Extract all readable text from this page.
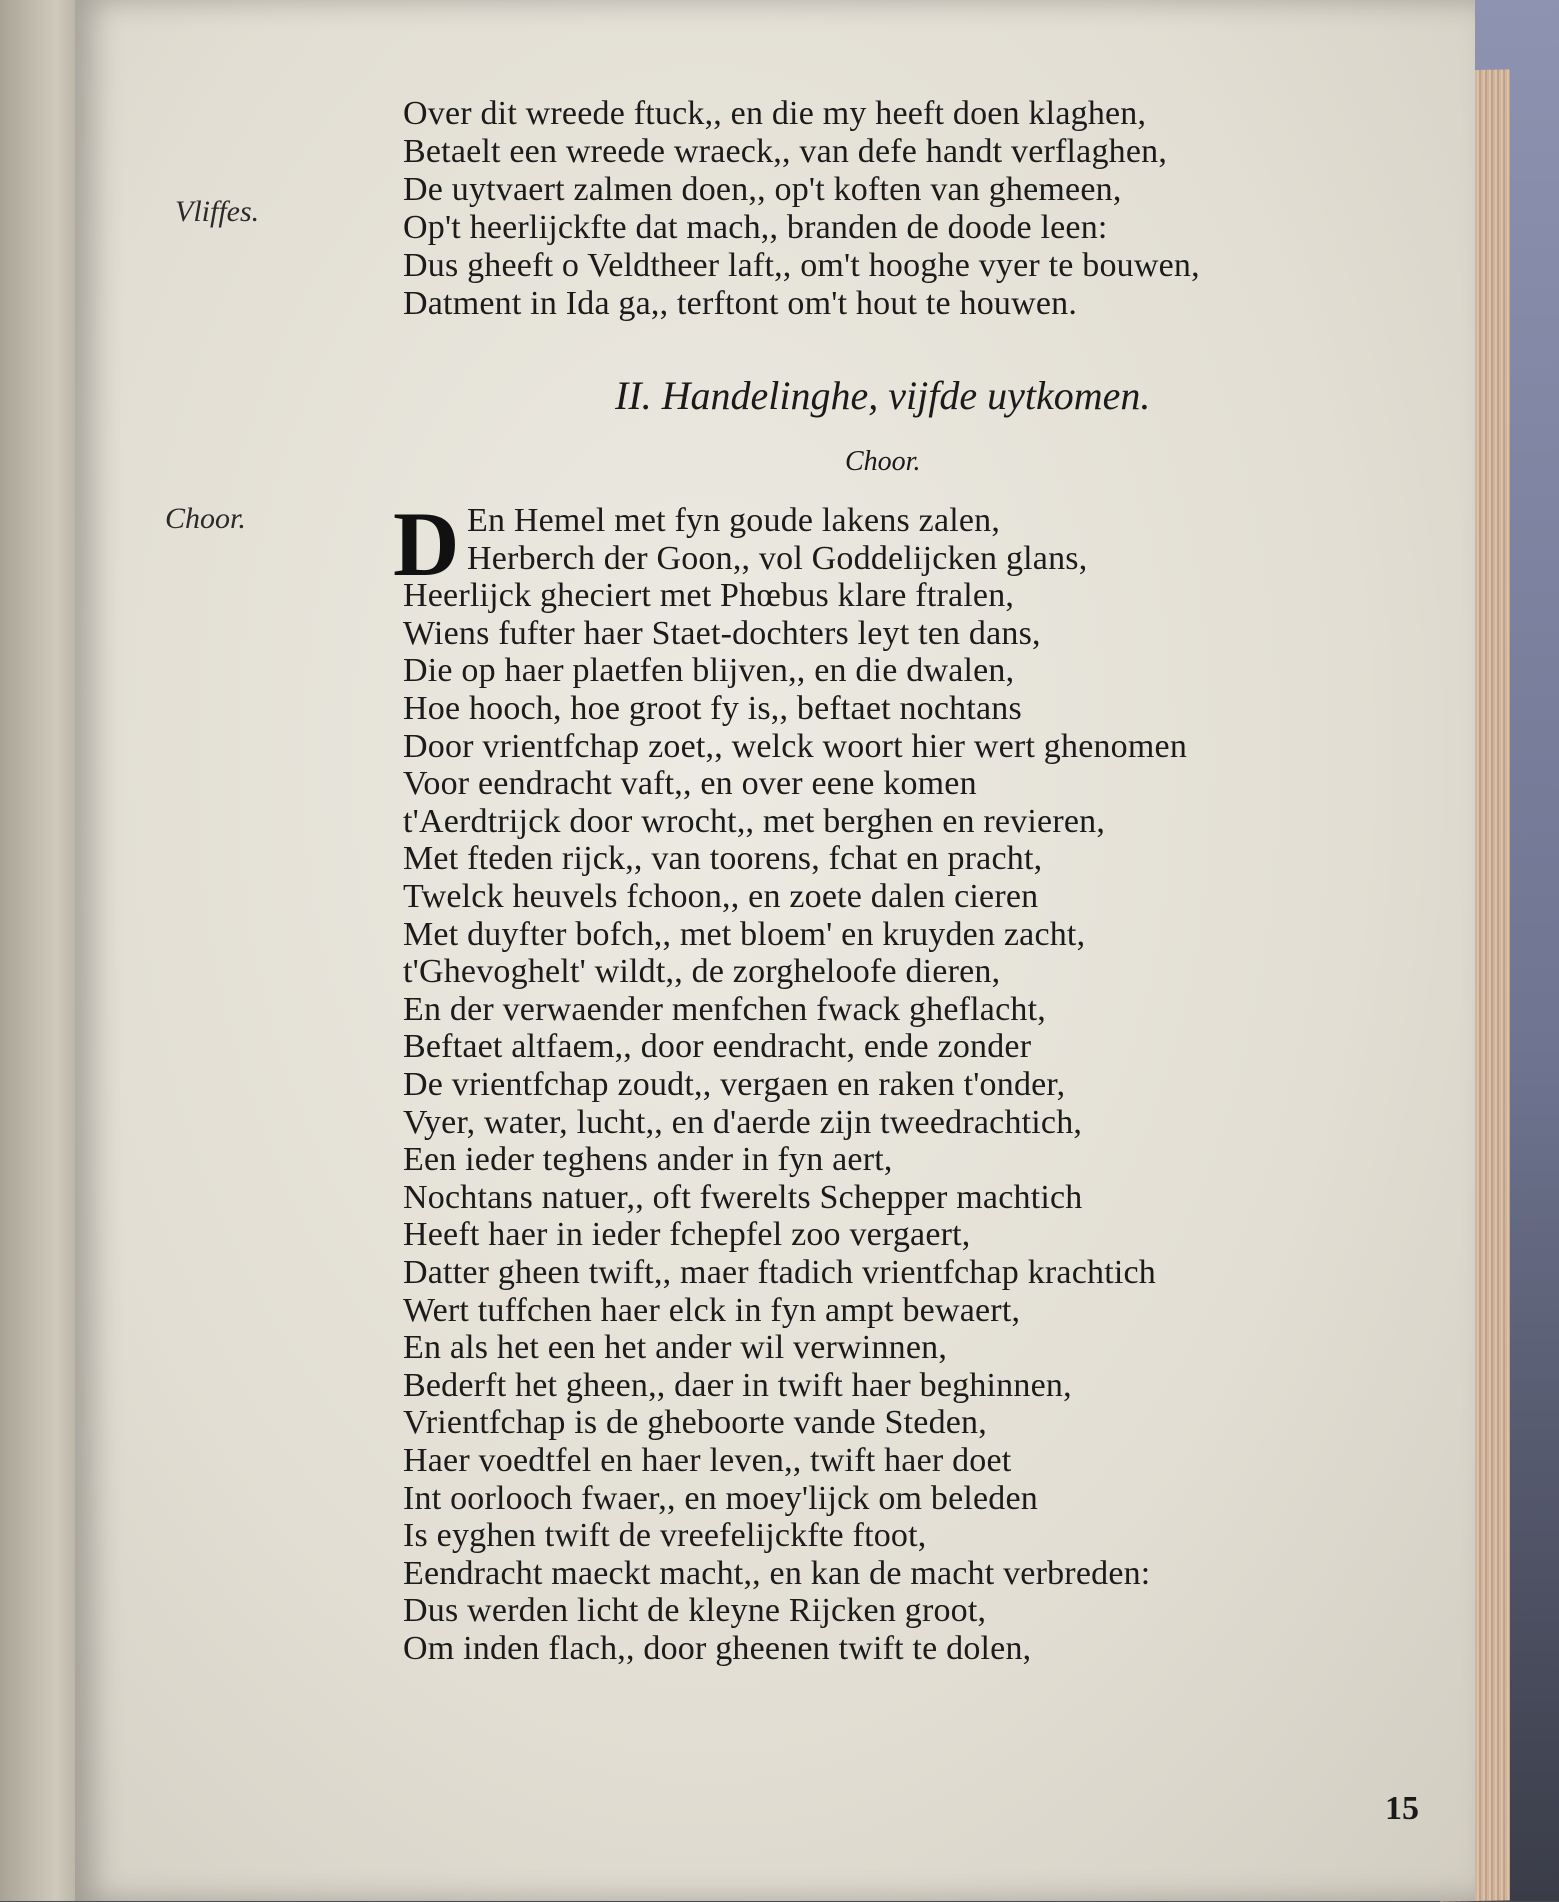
Over dit wreede ftuck,, en die my heeft doen klaghen,
Betaelt een wreede wraeck,, van defe handt verflaghen,
De uytvaert zalmen doen,, op't koften van ghemeen,
Op't heerlijckfte dat mach,, branden de doode leen:
Dus gheeft o Veldtheer laft,, om't hooghe vyer te bouwen,
Datment in Ida ga,, terftont om't hout te houwen.
Vliffes.
II. Handelinghe, vijfde uytkomen.
Choor.
Choor. D En Hemel met fyn goude lakens zalen,
Herberch der Goon,, vol Goddelijcken glans,
Heerlijck gheciert met Phœbus klare ftralen,
Wiens fufter haer Staet-dochters leyt ten dans,
Die op haer plaetfen blijven,, en die dwalen,
Hoe hooch, hoe groot fy is,, beftaet nochtans
Door vrientfchap zoet,, welck woort hier wert ghenomen
Voor eendracht vaft,, en over eene komen
t'Aerdtrijck door wrocht,, met berghen en revieren,
Met fteden rijck,, van toorens, fchat en pracht,
Twelck heuvels fchoon,, en zoete dalen cieren
Met duyfter bofch,, met bloem' en kruyden zacht,
t'Ghevoghelt' wildt,, de zorgheloofe dieren,
En der verwaender menfchen fwack gheflacht,
Beftaet altfaem,, door eendracht, ende zonder
De vrientfchap zoudt,, vergaen en raken t'onder,
Vyer, water, lucht,, en d'aerde zijn tweedrachtich,
Een ieder teghens ander in fyn aert,
Nochtans natuer,, oft fwerelts Schepper machtich
Heeft haer in ieder fchepfel zoo vergaert,
Datter gheen twift,, maer ftadich vrientfchap krachtich
Wert tuffchen haer elck in fyn ampt bewaert,
En als het een het ander wil verwinnen,
Bederft het gheen,, daer in twift haer beghinnen,
Vrientfchap is de gheboorte vande Steden,
Haer voedtfel en haer leven,, twift haer doet
Int oorlooch fwaer,, en moey'lijck om beleden
Is eyghen twift de vreefelijckfte ftoot,
Eendracht maeckt macht,, en kan de macht verbreden:
Dus werden licht de kleyne Rijcken groot,
Om inden flach,, door gheenen twift te dolen,
15
